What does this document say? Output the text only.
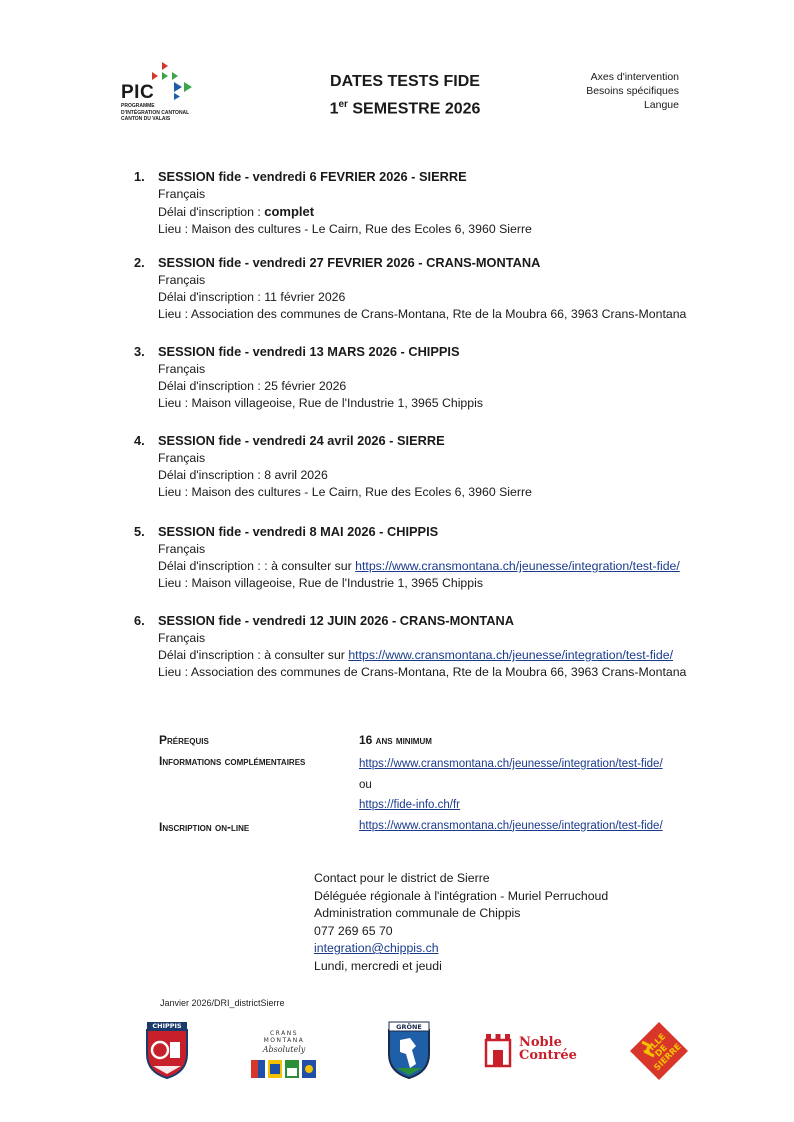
PIC
PROGRAMME
D'INTÉGRATION CANTONAL
CANTON DU VALAIS
DATES TESTS FIDE
1er SEMESTRE 2026
Axes d'intervention
Besoins spécifiques
Langue
1. SESSION fide - vendredi 6 FEVRIER 2026 - SIERRE
Français
Délai d'inscription : complet
Lieu : Maison des cultures - Le Cairn, Rue des Ecoles 6, 3960 Sierre
2. SESSION fide - vendredi 27 FEVRIER 2026 - CRANS-MONTANA
Français
Délai d'inscription : 11 février 2026
Lieu : Association des communes de Crans-Montana, Rte de la Moubra 66, 3963 Crans-Montana
3. SESSION fide - vendredi 13 MARS 2026 - CHIPPIS
Français
Délai d'inscription : 25 février 2026
Lieu : Maison villageoise, Rue de l'Industrie 1, 3965 Chippis
4. SESSION fide - vendredi 24 avril 2026 - SIERRE
Français
Délai d'inscription : 8 avril 2026
Lieu : Maison des cultures - Le Cairn, Rue des Ecoles 6, 3960 Sierre
5. SESSION fide - vendredi 8 MAI 2026 - CHIPPIS
Français
Délai d'inscription : : à consulter sur https://www.cransmontana.ch/jeunesse/integration/test-fide/
Lieu : Maison villageoise, Rue de l'Industrie 1, 3965 Chippis
6. SESSION fide - vendredi 12 JUIN 2026 - CRANS-MONTANA
Français
Délai d'inscription : à consulter sur https://www.cransmontana.ch/jeunesse/integration/test-fide/
Lieu : Association des communes de Crans-Montana, Rte de la Moubra 66, 3963 Crans-Montana
Prérequis	16 ans minimum
Informations complémentaires	https://www.cransmontana.ch/jeunesse/integration/test-fide/
ou
https://fide-info.ch/fr
Inscription on-line	https://www.cransmontana.ch/jeunesse/integration/test-fide/
Contact pour le district de Sierre
Déléguée régionale à l'intégration - Muriel Perruchoud
Administration communale de Chippis
077 269 65 70
integration@chippis.ch
Lundi, mercredi et jeudi
Janvier 2026/DRI_districtSierre
CHIPPIS
CRANS MONTANA
Absolutely
GRÔNE
Noble
Contrée	VILLE DE SIERRE
